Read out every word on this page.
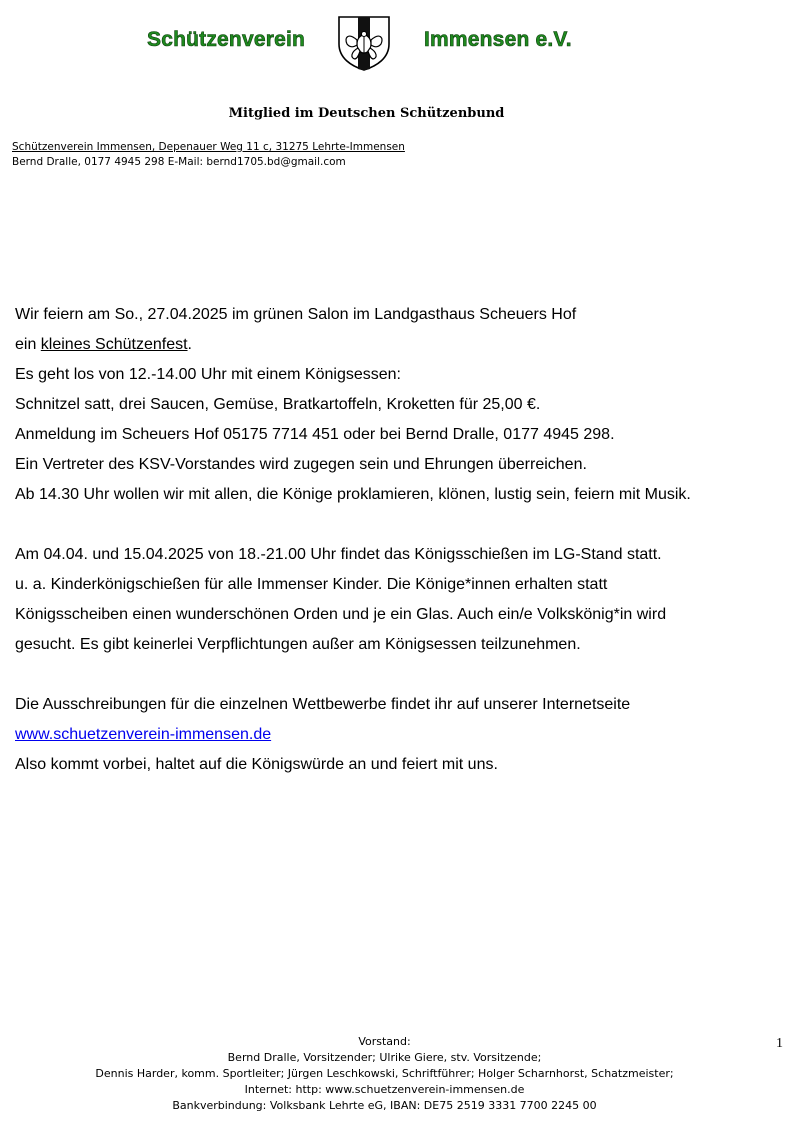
Schützenverein	Immensen e.V.
Mitglied im Deutschen Schützenbund
Schützenverein Immensen, Depenauer Weg 11 c, 31275 Lehrte-Immensen
Bernd Dralle, 0177 4945 298 E-Mail: bernd1705.bd@gmail.com

Wir feiern am So., 27.04.2025 im grünen Salon im Landgasthaus Scheuers Hof

ein kleines Schützenfest.

Es geht los von 12.-14.00 Uhr mit einem Königsessen:

Schnitzel satt, drei Saucen, Gemüse, Bratkartoffeln, Kroketten für 25,00 €.

Anmeldung im Scheuers Hof 05175 7714 451 oder bei Bernd Dralle, 0177 4945 298.

Ein Vertreter des KSV-Vorstandes wird zugegen sein und Ehrungen überreichen.

Ab 14.30 Uhr wollen wir mit allen, die Könige proklamieren, klönen, lustig sein, feiern mit Musik.

Am 04.04. und 15.04.2025 von 18.-21.00 Uhr findet das Königsschießen im LG-Stand statt.

u. a. Kinderkönigschießen für alle Immenser Kinder. Die Könige*innen erhalten statt

Königsscheiben einen wunderschönen Orden und je ein Glas. Auch ein/e Volkskönig*in wird

gesucht. Es gibt keinerlei Verpflichtungen außer am Königsessen teilzunehmen.

Die Ausschreibungen für die einzelnen Wettbewerbe findet ihr auf unserer Internetseite

www.schuetzenverein-immensen.de

Also kommt vorbei, haltet auf die Königswürde an und feiert mit uns.

Vorstand:
Bernd Dralle, Vorsitzender; Ulrike Giere, stv. Vorsitzende;
Dennis Harder, komm. Sportleiter; Jürgen Leschkowski, Schriftführer; Holger Scharnhorst, Schatzmeister;
Internet: http: www.schuetzenverein-immensen.de
Bankverbindung: Volksbank Lehrte eG, IBAN: DE75 2519 3331 7700 2245 00
1
